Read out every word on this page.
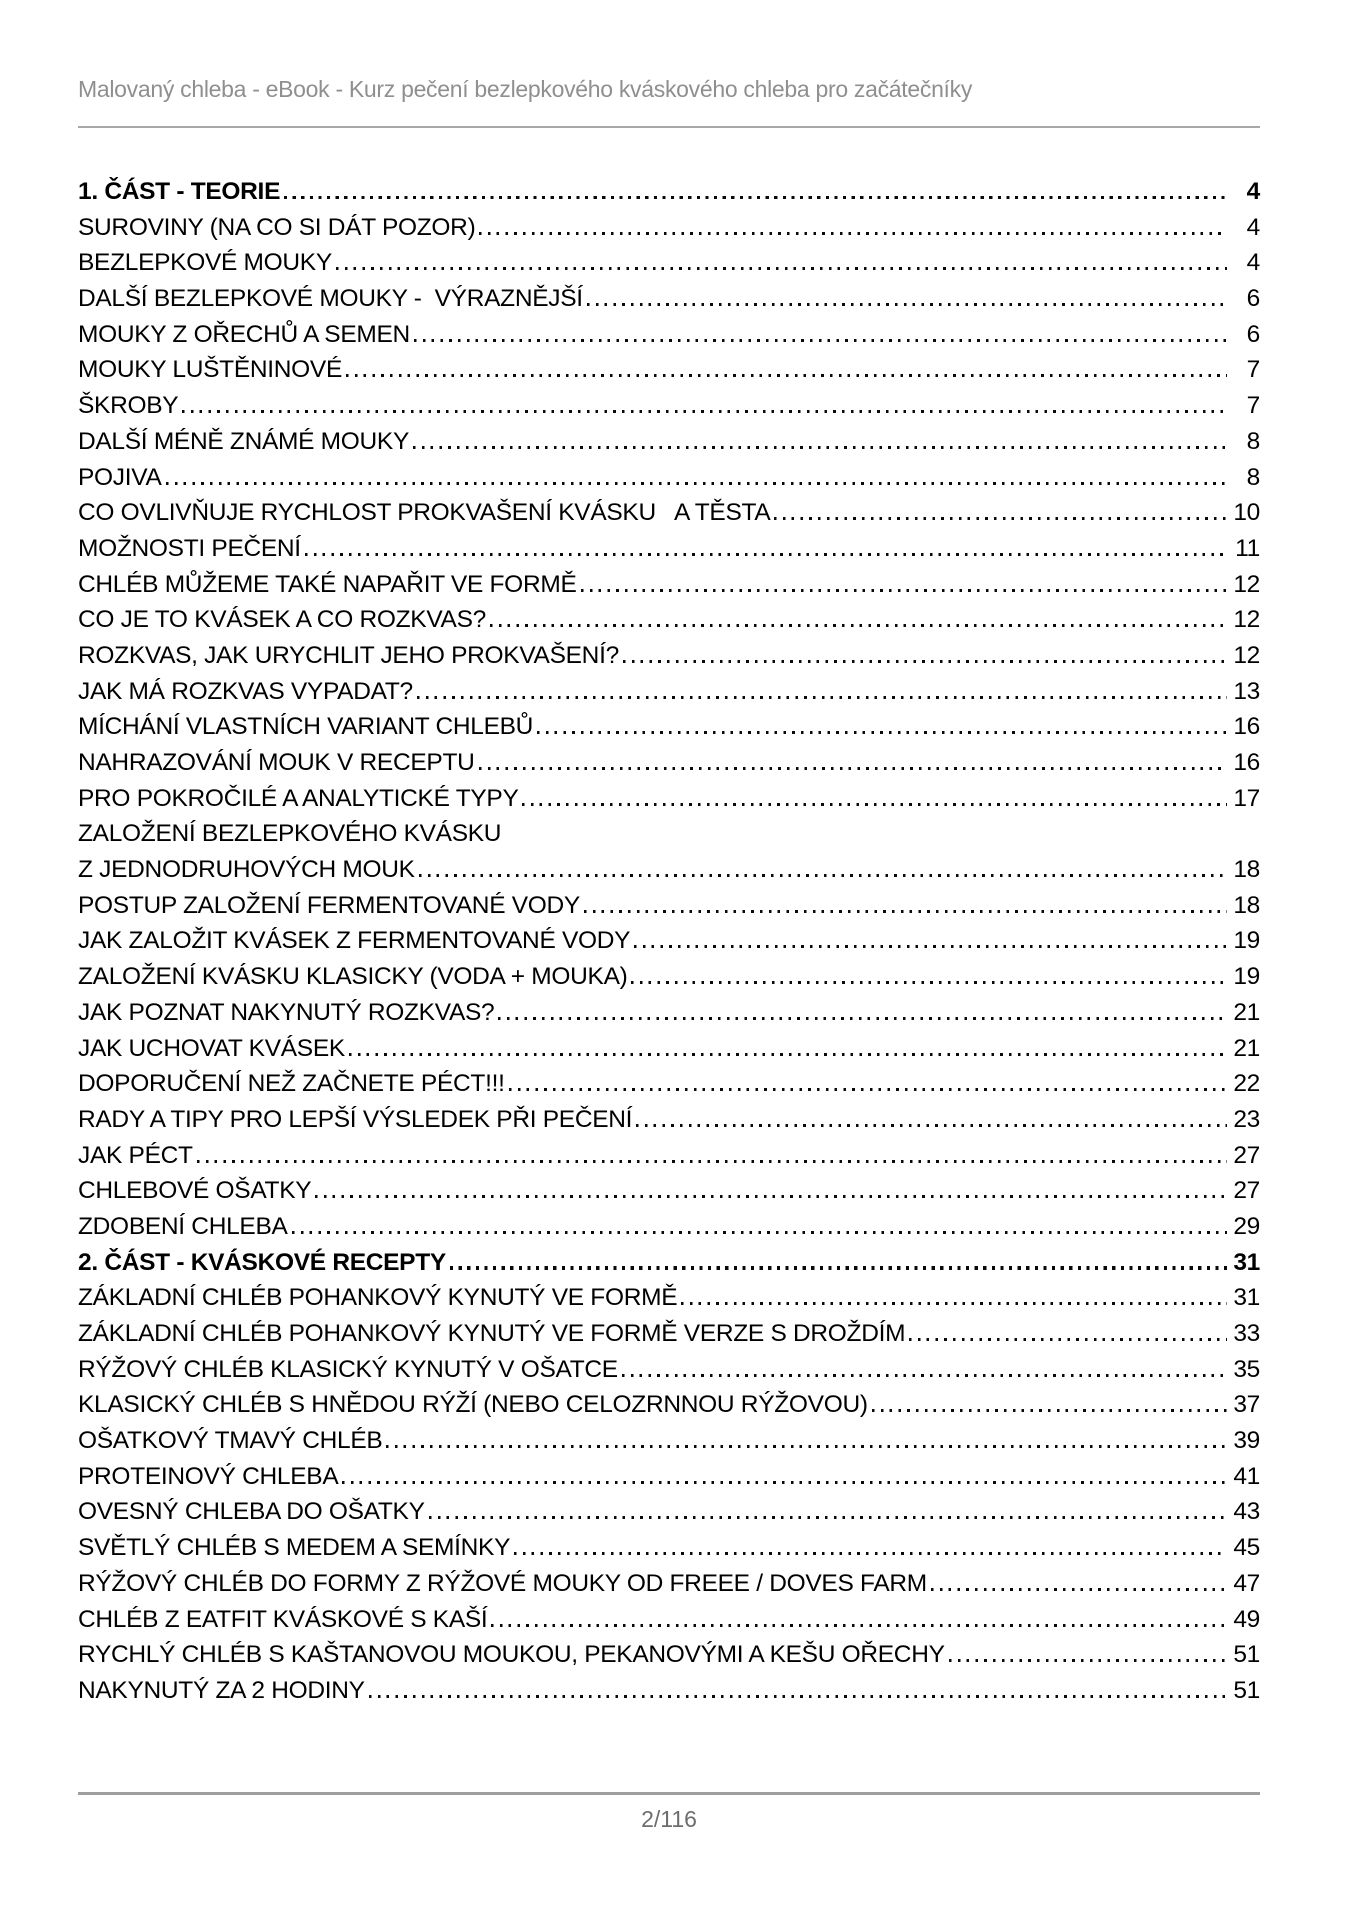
Malovaný chleba - eBook - Kurz pečení bezlepkového kváskového chleba pro začátečníky
1. ČÁST - TEORIE	4
SUROVINY (NA CO SI DÁT POZOR)	4
BEZLEPKOVÉ MOUKY	4
DALŠÍ BEZLEPKOVÉ MOUKY -  VÝRAZNĚJŠÍ	6
MOUKY Z OŘECHŮ A SEMEN	6
MOUKY LUŠTĚNINOVÉ	7
ŠKROBY	7
DALŠÍ MÉNĚ ZNÁMÉ MOUKY	8
POJIVA	8
CO OVLIVŇUJE RYCHLOST PROKVAŠENÍ KVÁSKU   A TĚSTA	10
MOŽNOSTI PEČENÍ	11
CHLÉB MŮŽEME TAKÉ NAPAŘIT VE FORMĚ	12
CO JE TO KVÁSEK A CO ROZKVAS?	12
ROZKVAS, JAK URYCHLIT JEHO PROKVAŠENÍ?	12
JAK MÁ ROZKVAS VYPADAT?	13
MÍCHÁNÍ VLASTNÍCH VARIANT CHLEBŮ	16
NAHRAZOVÁNÍ MOUK V RECEPTU	16
PRO POKROČILÉ A ANALYTICKÉ TYPY	17
ZALOŽENÍ BEZLEPKOVÉHO KVÁSKU
Z JEDNODRUHOVÝCH MOUK	18
POSTUP ZALOŽENÍ FERMENTOVANÉ VODY	18
JAK ZALOŽIT KVÁSEK Z FERMENTOVANÉ VODY	19
ZALOŽENÍ KVÁSKU KLASICKY (VODA + MOUKA)	19
JAK POZNAT NAKYNUTÝ ROZKVAS?	21
JAK UCHOVAT KVÁSEK	21
DOPORUČENÍ NEŽ ZAČNETE PÉCT!!!	22
RADY A TIPY PRO LEPŠÍ VÝSLEDEK PŘI PEČENÍ	23
JAK PÉCT	27
CHLEBOVÉ OŠATKY	27
ZDOBENÍ CHLEBA	29
2. ČÁST - KVÁSKOVÉ RECEPTY	31
ZÁKLADNÍ CHLÉB POHANKOVÝ KYNUTÝ VE FORMĚ	31
ZÁKLADNÍ CHLÉB POHANKOVÝ KYNUTÝ VE FORMĚ VERZE S DROŽDÍM	33
RÝŽOVÝ CHLÉB KLASICKÝ KYNUTÝ V OŠATCE	35
KLASICKÝ CHLÉB S HNĚDOU RÝŽÍ (NEBO CELOZRNNOU RÝŽOVOU)	37
OŠATKOVÝ TMAVÝ CHLÉB	39
PROTEINOVÝ CHLEBA	41
OVESNÝ CHLEBA DO OŠATKY	43
SVĚTLÝ CHLÉB S MEDEM A SEMÍNKY	45
RÝŽOVÝ CHLÉB DO FORMY Z RÝŽOVÉ MOUKY OD FREEE / DOVES FARM	47
CHLÉB Z EATFIT KVÁSKOVÉ S KAŠÍ	49
RYCHLÝ CHLÉB S KAŠTANOVOU MOUKOU, PEKANOVÝMI A KEŠU OŘECHY	51
NAKYNUTÝ ZA 2 HODINY	51
2/116
